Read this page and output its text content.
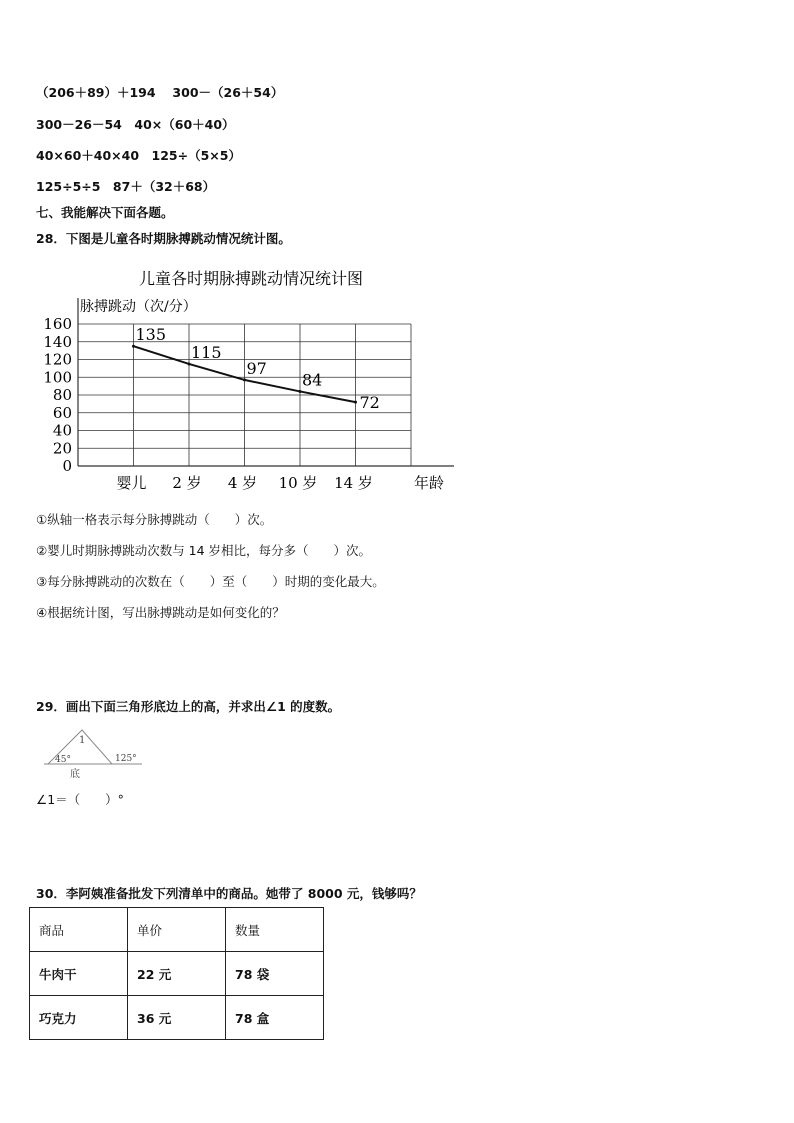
（206＋89）＋194　 300－（26＋54）
300－26－54　40×（60＋40）
40×60＋40×40　125÷（5×5）
125÷5÷5　87＋（32＋68）
七、我能解决下面各题。
28．下图是儿童各时期脉搏跳动情况统计图。
儿童各时期脉搏跳动情况统计图
脉搏跳动（次/分）
0
20
40
60
80
100
120
140
160
婴儿 2 岁 4 岁 10 岁 14 岁
135
115
97
84
72
年龄
①纵轴一格表示每分脉搏跳动（　　）次。
②婴儿时期脉搏跳动次数与 14 岁相比，每分多（　　）次。
③每分脉搏跳动的次数在（　　）至（　　）时期的变化最大。
④根据统计图，写出脉搏跳动是如何变化的？
29．画出下面三角形底边上的高，并求出∠1 的度数。
1
45°	125°
底
∠1＝（　　）°
30．李阿姨准备批发下列清单中的商品。她带了 8000 元，钱够吗？
商品	单价	数量
牛肉干	22 元	78 袋
巧克力	36 元	78 盒
